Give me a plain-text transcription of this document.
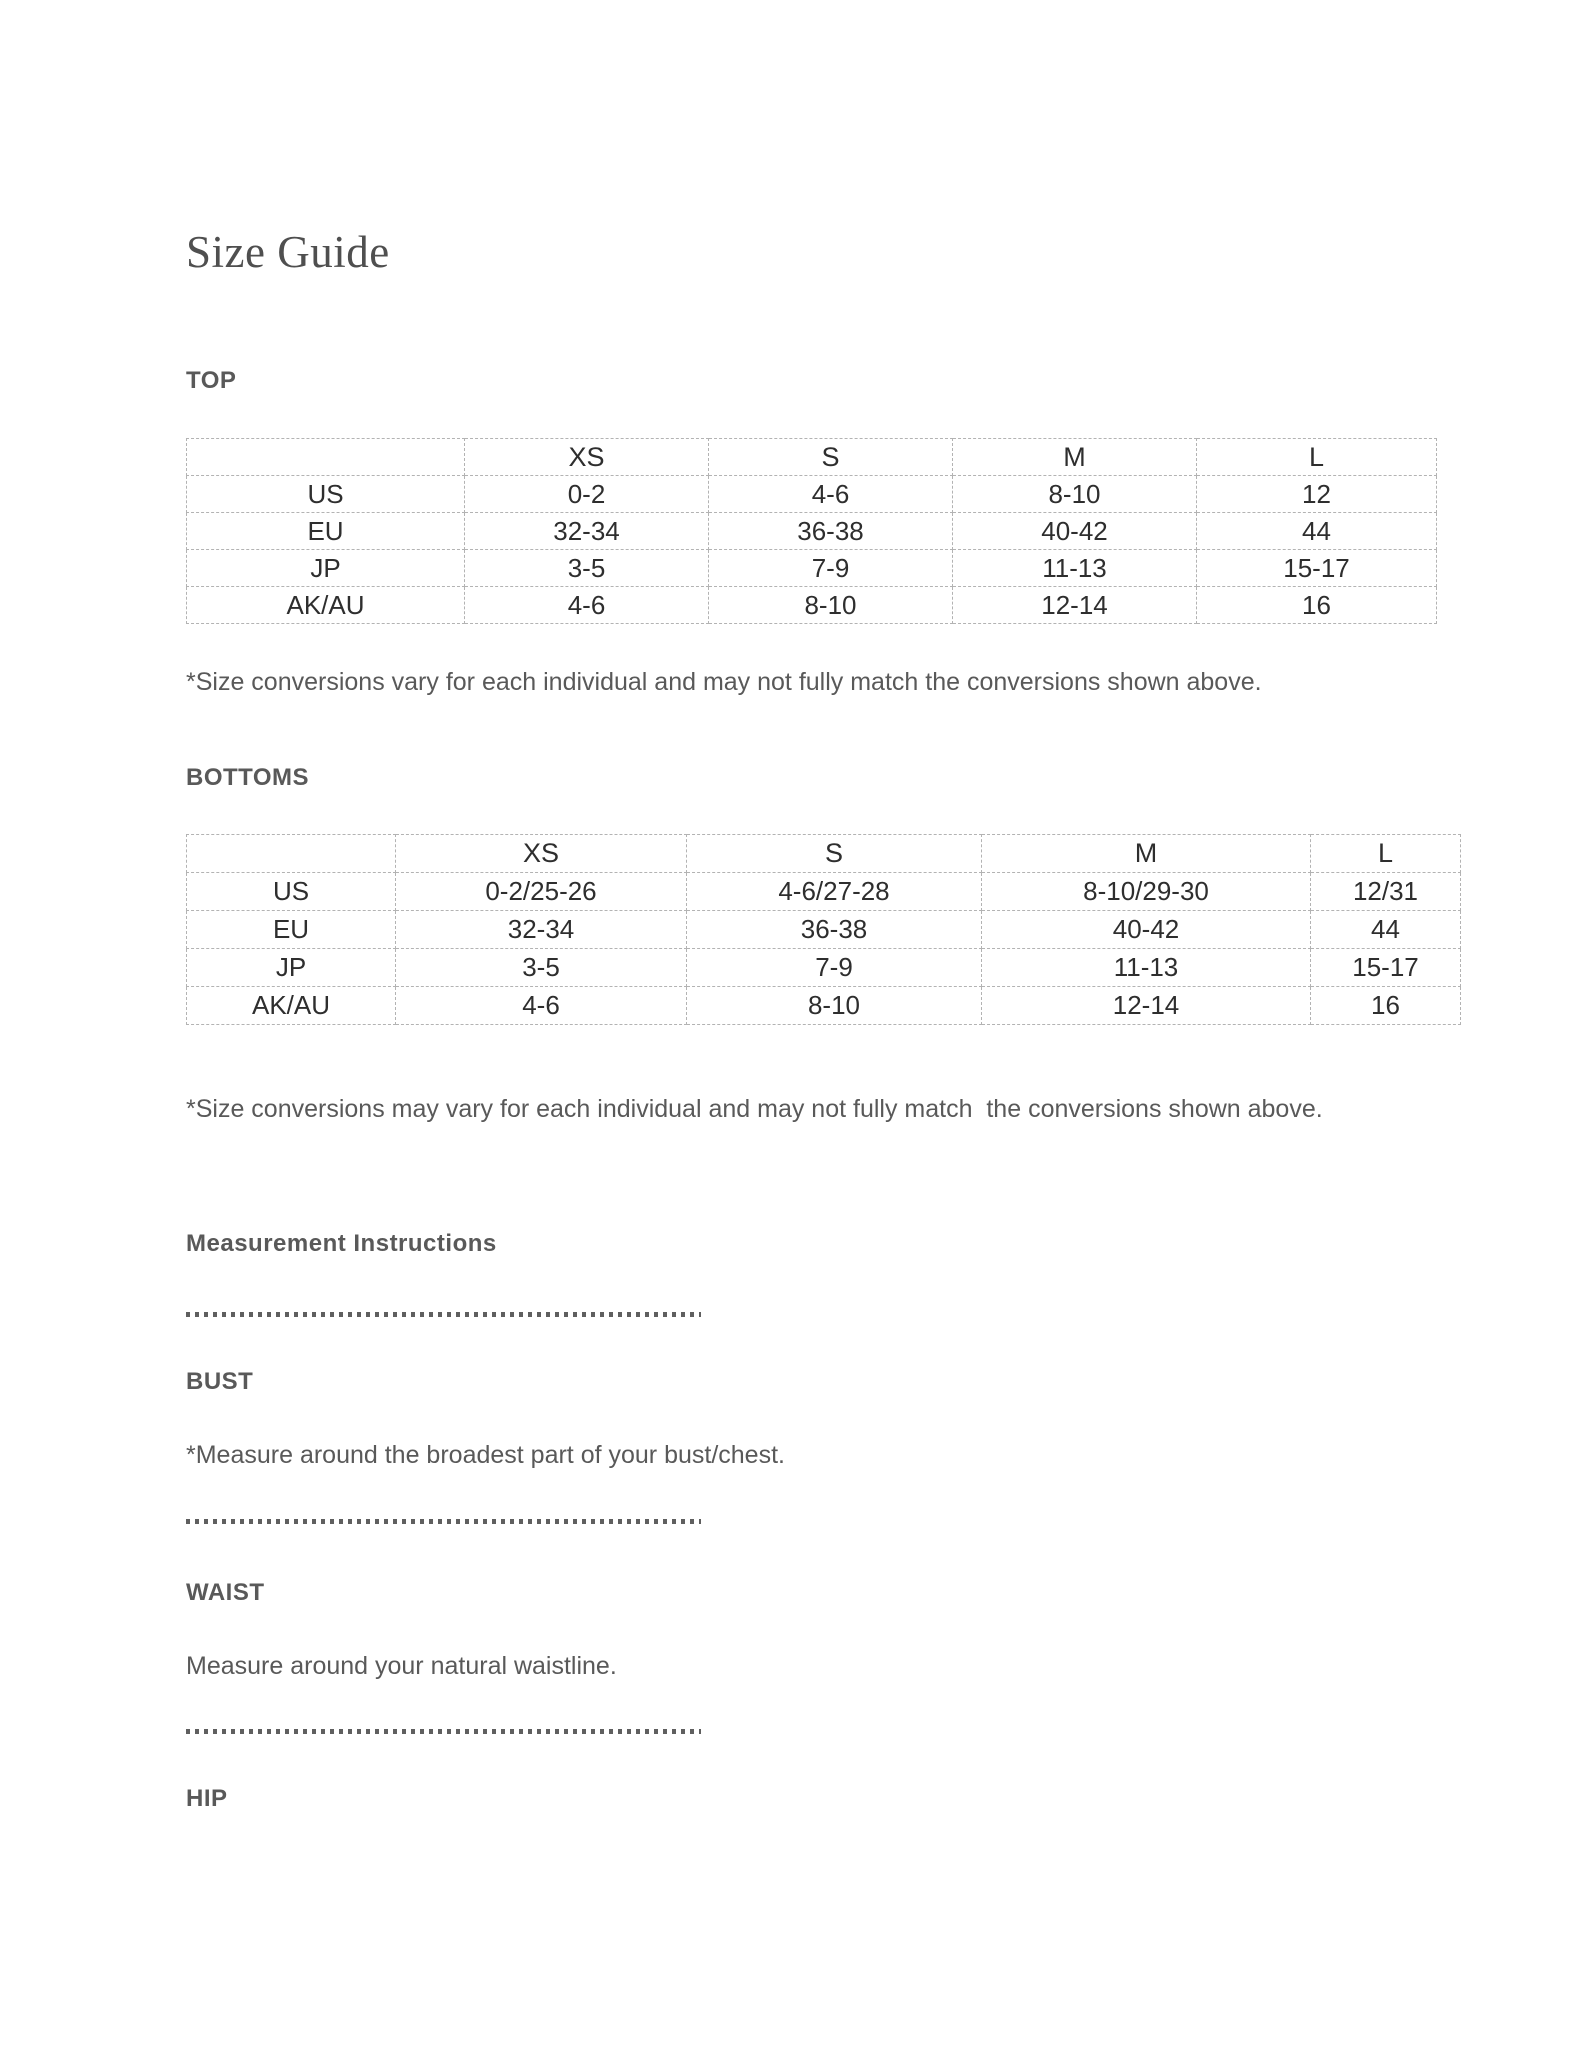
Size Guide
TOP
	XS	S	M	L
US	0-2	4-6	8-10	12
EU	32-34	36-38	40-42	44
JP	3-5	7-9	11-13	15-17
AK/AU	4-6	8-10	12-14	16

*Size conversions vary for each individual and may not fully match the conversions shown above.

BOTTOMS
	XS	S	M	L
US	0-2/25-26	4-6/27-28	8-10/29-30	12/31
EU	32-34	36-38	40-42	44
JP	3-5	7-9	11-13	15-17
AK/AU	4-6	8-10	12-14	16

*Size conversions may vary for each individual and may not fully match  the conversions shown above.

Measurement Instructions
BUST

*Measure around the broadest part of your bust/chest.

WAIST

Measure around your natural waistline.

HIP
